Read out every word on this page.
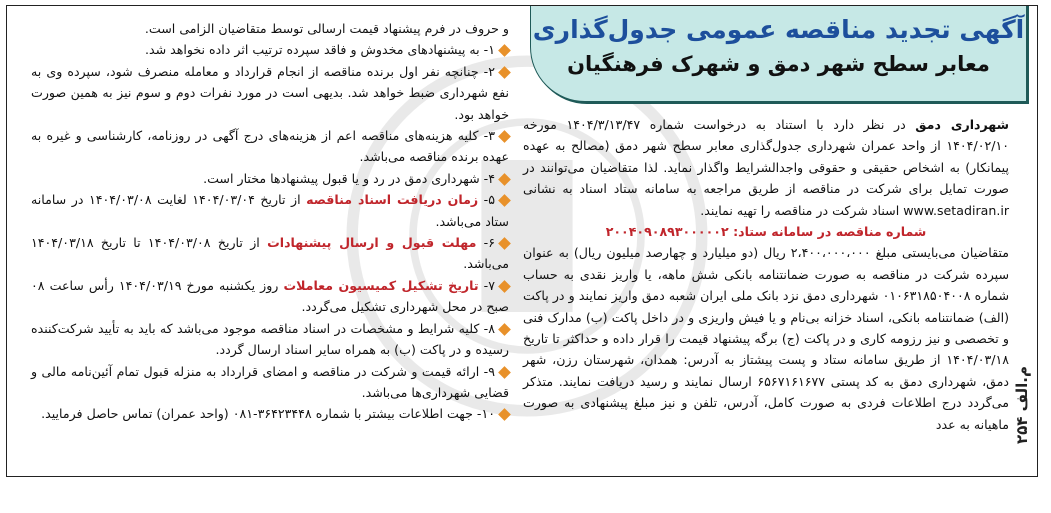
آگهی تجدید مناقصه عمومی جدول‌گذاری
معابر سطح شهر دمق و شهرک فرهنگیان

شهرداری دمق در نظر دارد با استناد به درخواست شماره ۱۴۰۴/۳/۱۳/۴۷ مورخه ۱۴۰۴/۰۲/۱۰ از واحد عمران شهرداری جدول‌گذاری معابر سطح شهر دمق (مصالح به عهده پیمانکار) به اشخاص حقیقی و حقوقی واجدالشرایط واگذار نماید. لذا متقاضیان می‌توانند در صورت تمایل برای شرکت در مناقصه از طریق مراجعه به سامانه ستاد اسناد به نشانی www.setadiran.ir اسناد شرکت در مناقصه را تهیه نمایند.

شماره مناقصه در سامانه ستاد: ۲۰۰۴۰۹۰۸۹۳۰۰۰۰۰۲

متقاضیان می‌بایستی مبلغ ۲،۴۰۰،۰۰۰،۰۰۰ ریال (دو میلیارد و چهارصد میلیون ریال) به عنوان سپرده شرکت در مناقصه به صورت ضمانتنامه بانکی شش ماهه، یا واریز نقدی به حساب شماره ۰۱۰۶۳۱۸۵۰۴۰۰۸ شهرداری دمق نزد بانک ملی ایران شعبه دمق واریز نمایند و در پاکت (الف) ضمانتنامه بانکی، اسناد خزانه بی‌نام و یا فیش واریزی و در داخل پاکت (ب) مدارک فنی و تخصصی و نیز رزومه کاری و در پاکت (ج) برگه پیشنهاد قیمت را قرار داده و حداکثر تا تاریخ ۱۴۰۴/۰۳/۱۸ از طریق سامانه ستاد و پست پیشتاز به آدرس: همدان، شهرستان رزن، شهر دمق، شهرداری دمق به کد پستی ۶۵۶۷۱۶۱۶۷۷ ارسال نمایند و رسید دریافت نمایند. متذکر می‌گردد درج اطلاعات فردی به صورت کامل، آدرس، تلفن و نیز مبلغ پیشنهادی به صورت ماهیانه به عدد

و حروف در فرم پیشنهاد قیمت ارسالی توسط متقاضیان الزامی است.

۱- به پیشنهادهای مخدوش و فاقد سپرده ترتیب اثر داده نخواهد شد.

۲- چنانچه نفر اول برنده مناقصه از انجام قرارداد و معامله منصرف شود، سپرده وی به نفع شهرداری ضبط خواهد شد. بدیهی است در مورد نفرات دوم و سوم نیز به همین صورت خواهد بود.

۳- کلیه هزینه‌های مناقصه اعم از هزینه‌های درج آگهی در روزنامه، کارشناسی و غیره به عهده برنده مناقصه می‌باشد.

۴- شهرداری دمق در رد و یا قبول پیشنهادها مختار است.

۵- زمان دریافت اسناد مناقصه از تاریخ ۱۴۰۴/۰۳/۰۴ لغایت ۱۴۰۴/۰۳/۰۸ در سامانه ستاد می‌باشد.

۶- مهلت قبول و ارسال پیشنهادات از تاریخ ۱۴۰۴/۰۳/۰۸ تا تاریخ ۱۴۰۴/۰۳/۱۸ می‌باشد.

۷- تاریخ تشکیل کمیسیون معاملات روز یکشنبه مورخ ۱۴۰۴/۰۳/۱۹ رأس ساعت ۰۸ صبح در محل شهرداری تشکیل می‌گردد.

۸- کلیه شرایط و مشخصات در اسناد مناقصه موجود می‌باشد که باید به تأیید شرکت‌کننده رسیده و در پاکت (ب) به همراه سایر اسناد ارسال گردد.

۹- ارائه قیمت و شرکت در مناقصه و امضای قرارداد به منزله قبول تمام آئین‌نامه مالی و قضایی شهرداری‌ها می‌باشد.

۱۰- جهت اطلاعات بیشتر با شماره ۳۶۴۲۳۴۴۸-۰۸۱ (واحد عمران) تماس حاصل فرمایید.

م.الف ۲۵۴
